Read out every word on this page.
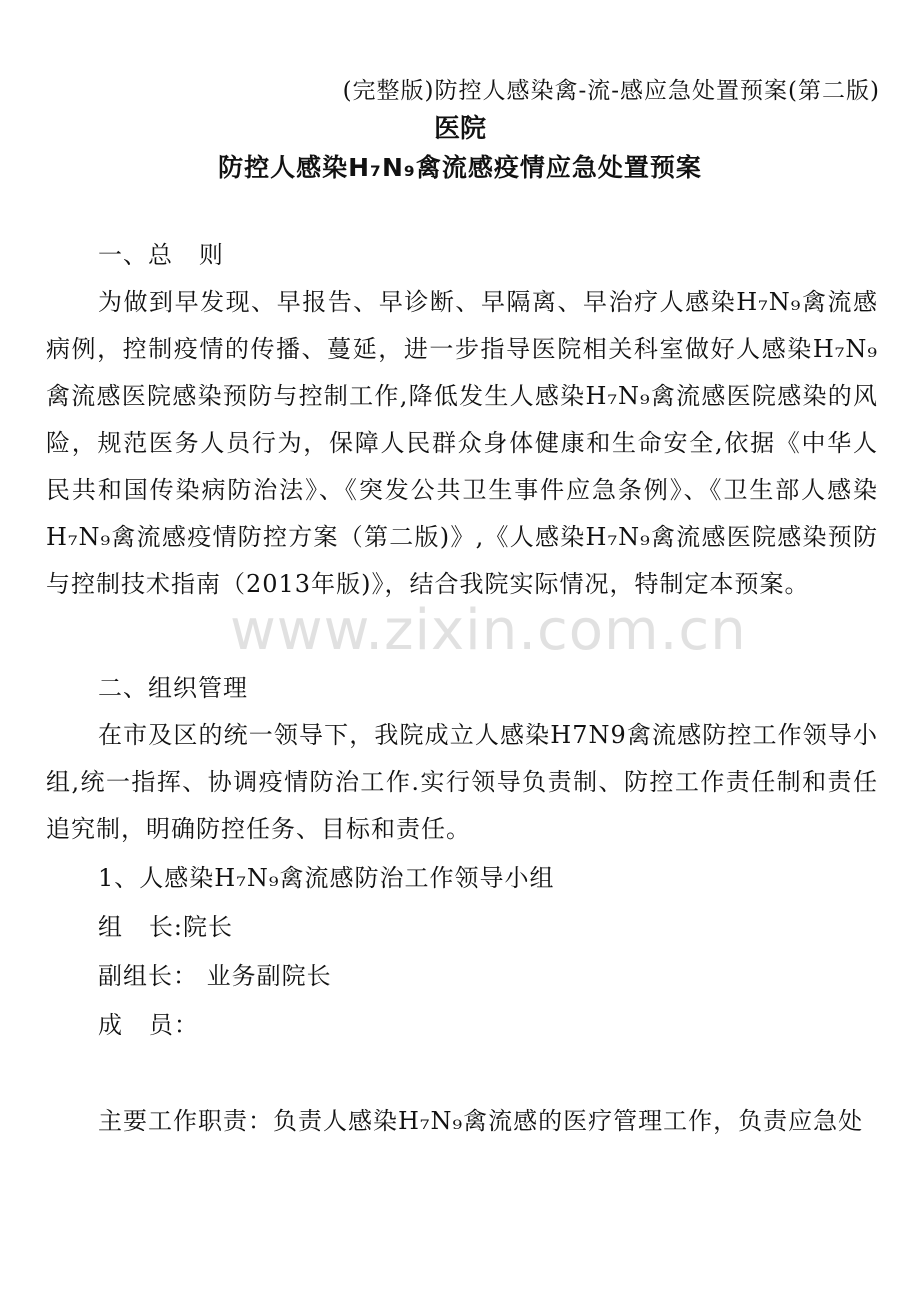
(完整版)防控人感染禽-流-感应急处置预案(第二版)
医院
防控人感染H₇N₉禽流感疫情应急处置预案
一、总   则
为做到早发现、早报告、早诊断、早隔离、早治疗人感染H₇N₉禽流感病例，控制疫情的传播、蔓延，进一步指导医院相关科室做好人感染H₇N₉禽流感医院感染预防与控制工作,降低发生人感染H₇N₉禽流感医院感染的风险，规范医务人员行为，保障人民群众身体健康和生命安全,依据《中华人民共和国传染病防治法》、《突发公共卫生事件应急条例》、《卫生部人感染H₇N₉禽流感疫情防控方案（第二版)》,《人感染H₇N₉禽流感医院感染预防与控制技术指南（2013年版)》，结合我院实际情况，特制定本预案。
二、组织管理
在市及区的统一领导下，我院成立人感染H7N9禽流感防控工作领导小组,统一指挥、协调疫情防治工作.实行领导负责制、防控工作责任制和责任追究制，明确防控任务、目标和责任。
1、人感染H₇N₉禽流感防治工作领导小组
组   长:院长
副组长： 业务副院长
成   员：
主要工作职责：负责人感染H₇N₉禽流感的医疗管理工作，负责应急处
www.zixin.com.cn
